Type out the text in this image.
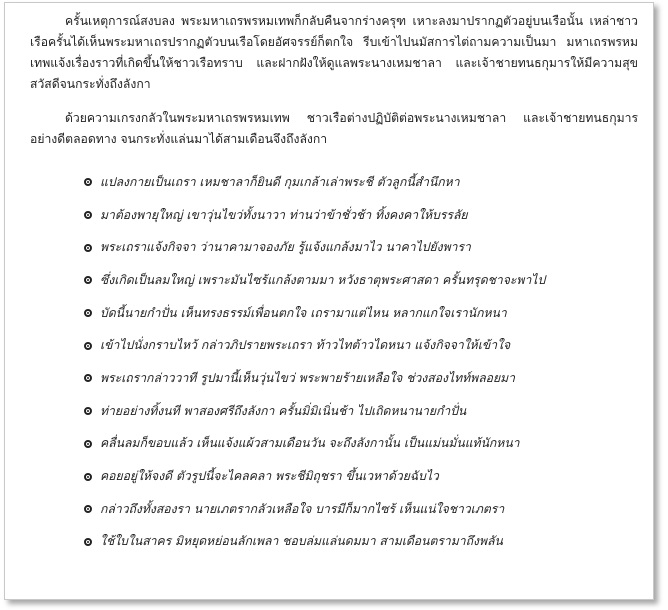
ครั้นเหตุการณ์สงบลง พระมหาเถรพรหมเทพก็กลับคืนจากร่างครุฑ เหาะลงมาปรากฏตัวอยู่บนเรือนั้น เหล่าชาวเรือครั้นได้เห็นพระมหาเถรปรากฏตัวบนเรือโดยอัศจรรย์ก็ตกใจ รีบเข้าไปนมัสการไต่ถามความเป็นมา มหาเถรพรหมเทพแจ้งเรื่องราวที่เกิดขึ้นให้ชาวเรือทราบ และฝากฝังให้ดูแลพระนางเหมชาลา และเจ้าชายทนธกุมารให้มีความสุขสวัสดีจนกระทั่งถึงลังกา

ด้วยความเกรงกลัวในพระมหาเถรพรหมเทพ ชาวเรือต่างปฏิบัติต่อพระนางเหมชาลา และเจ้าชายทนธกุมารอย่างดีตลอดทาง จนกระทั่งแล่นมาได้สามเดือนจึงถึงลังกา

แปลงกายเป็นเถรา เหมชาลาก็ยินดี กุมเกล้าเล่าพระชี ตัวลูกนี้สำนึกหา
มาต้องพายุใหญ่ เขาวุ่นไขว่ทั้งนาวา ท่านว่าข้าชั่วช้า ทิ้งคงคาให้บรรลัย
พระเถราแจ้งกิจจา ว่านาคามาจองภัย รู้แจ้งแกล้งมาไว นาคาไปยังพารา
ซึ่งเกิดเป็นลมใหญ่ เพราะมันไซร้แกล้งตามมา หวังธาตุพระศาสดา ครั้นทรุดชาจะพาไป
บัดนี้นายกำปั่น เห็นทรงธรรม์เพื่อนตกใจ เถรามาแต่ไหน หลากแกใจเรานักหนา
เข้าไปนั่งกราบไหว้ กล่าวภิปรายพระเถรา ท้าวไทต้าวไดหนา แจ้งกิจจาให้เข้าใจ
พระเถรากล่าววาที รูปมานี้เห็นวุ่นไขว่ พระพายร้ายเหลือใจ ช่วงสองไทท์พลอยมา
ท่ายอย่างทิ้งนที พาสองศรีถึงลังกา ครั้นมิ่มิเนิ่นช้า ไปเถิดหนานายกำปั่น
คลื่นลมก็ขอบแล้ว เห็นแจ้งแผ้วสามเดือนวัน จะถึงลังกานั้น เป็นแม่นมั่นแท้นักหนา
คอยอยู่ให้จงดี ตัวรูปนี้จะไคลคลา พระชีมิถุชรา ขึ้นเวหาด้วยฉับไว
กล่าวถึงทั้งสองรา นายเภตรากลัวเหลือใจ บารมีก็มากไซร้ เห็นแน่ใจชาวเภตรา
ใช้ใบในสาคร มิหยุดหย่อนลักเพลา ชอบล่มแล่นดมมา สามเดือนตรามาถึงพลัน
